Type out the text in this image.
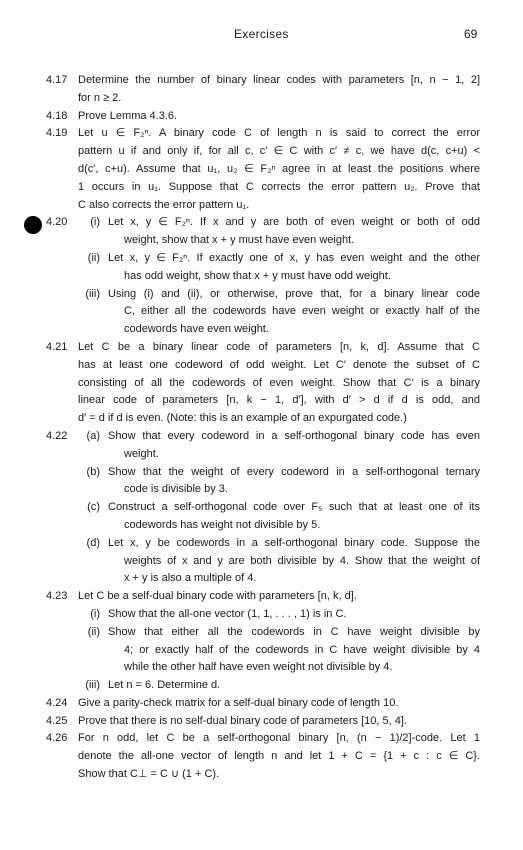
Exercises	69
4.17 Determine the number of binary linear codes with parameters [n, n − 1, 2]
for n ≥ 2.
4.18 Prove Lemma 4.3.6.
4.19 Let u ∈ F₂ⁿ. A binary code C of length n is said to correct the error
pattern u if and only if, for all c, c′ ∈ C with c′ ≠ c, we have d(c, c+u) <
d(c′, c+u). Assume that u₁, u₂ ∈ F₂ⁿ agree in at least the positions where
1 occurs in u₁. Suppose that C corrects the error pattern u₂. Prove that
C also corrects the error pattern u₁.
4.20	(i) Let x, y ∈ F₂ⁿ. If x and y are both of even weight or both of odd
weight, show that x + y must have even weight.
(ii) Let x, y ∈ F₂ⁿ. If exactly one of x, y has even weight and the other
has odd weight, show that x + y must have odd weight.
(iii) Using (i) and (ii), or otherwise, prove that, for a binary linear code
C, either all the codewords have even weight or exactly half of the
codewords have even weight.
4.21 Let C be a binary linear code of parameters [n, k, d]. Assume that C
has at least one codeword of odd weight. Let C′ denote the subset of C
consisting of all the codewords of even weight. Show that C′ is a binary
linear code of parameters [n, k − 1, d′], with d′ > d if d is odd, and
d′ = d if d is even. (Note: this is an example of an expurgated code.)
4.22	(a) Show that every codeword in a self-orthogonal binary code has even
weight.
(b) Show that the weight of every codeword in a self-orthogonal ternary
code is divisible by 3.
(c) Construct a self-orthogonal code over F₅ such that at least one of its
codewords has weight not divisible by 5.
(d) Let x, y be codewords in a self-orthogonal binary code. Suppose the
weights of x and y are both divisible by 4. Show that the weight of
x + y is also a multiple of 4.
4.23 Let C be a self-dual binary code with parameters [n, k, d].
(i) Show that the all-one vector (1, 1, . . . , 1) is in C.
(ii) Show that either all the codewords in C have weight divisible by
4; or exactly half of the codewords in C have weight divisible by 4
while the other half have even weight not divisible by 4.
(iii) Let n = 6. Determine d.
4.24 Give a parity-check matrix for a self-dual binary code of length 10.
4.25 Prove that there is no self-dual binary code of parameters [10, 5, 4].
4.26 For n odd, let C be a self-orthogonal binary [n, (n − 1)/2]-code. Let 1
denote the all-one vector of length n and let 1 + C = {1 + c : c ∈ C}.
Show that C⊥ = C ∪ (1 + C).
